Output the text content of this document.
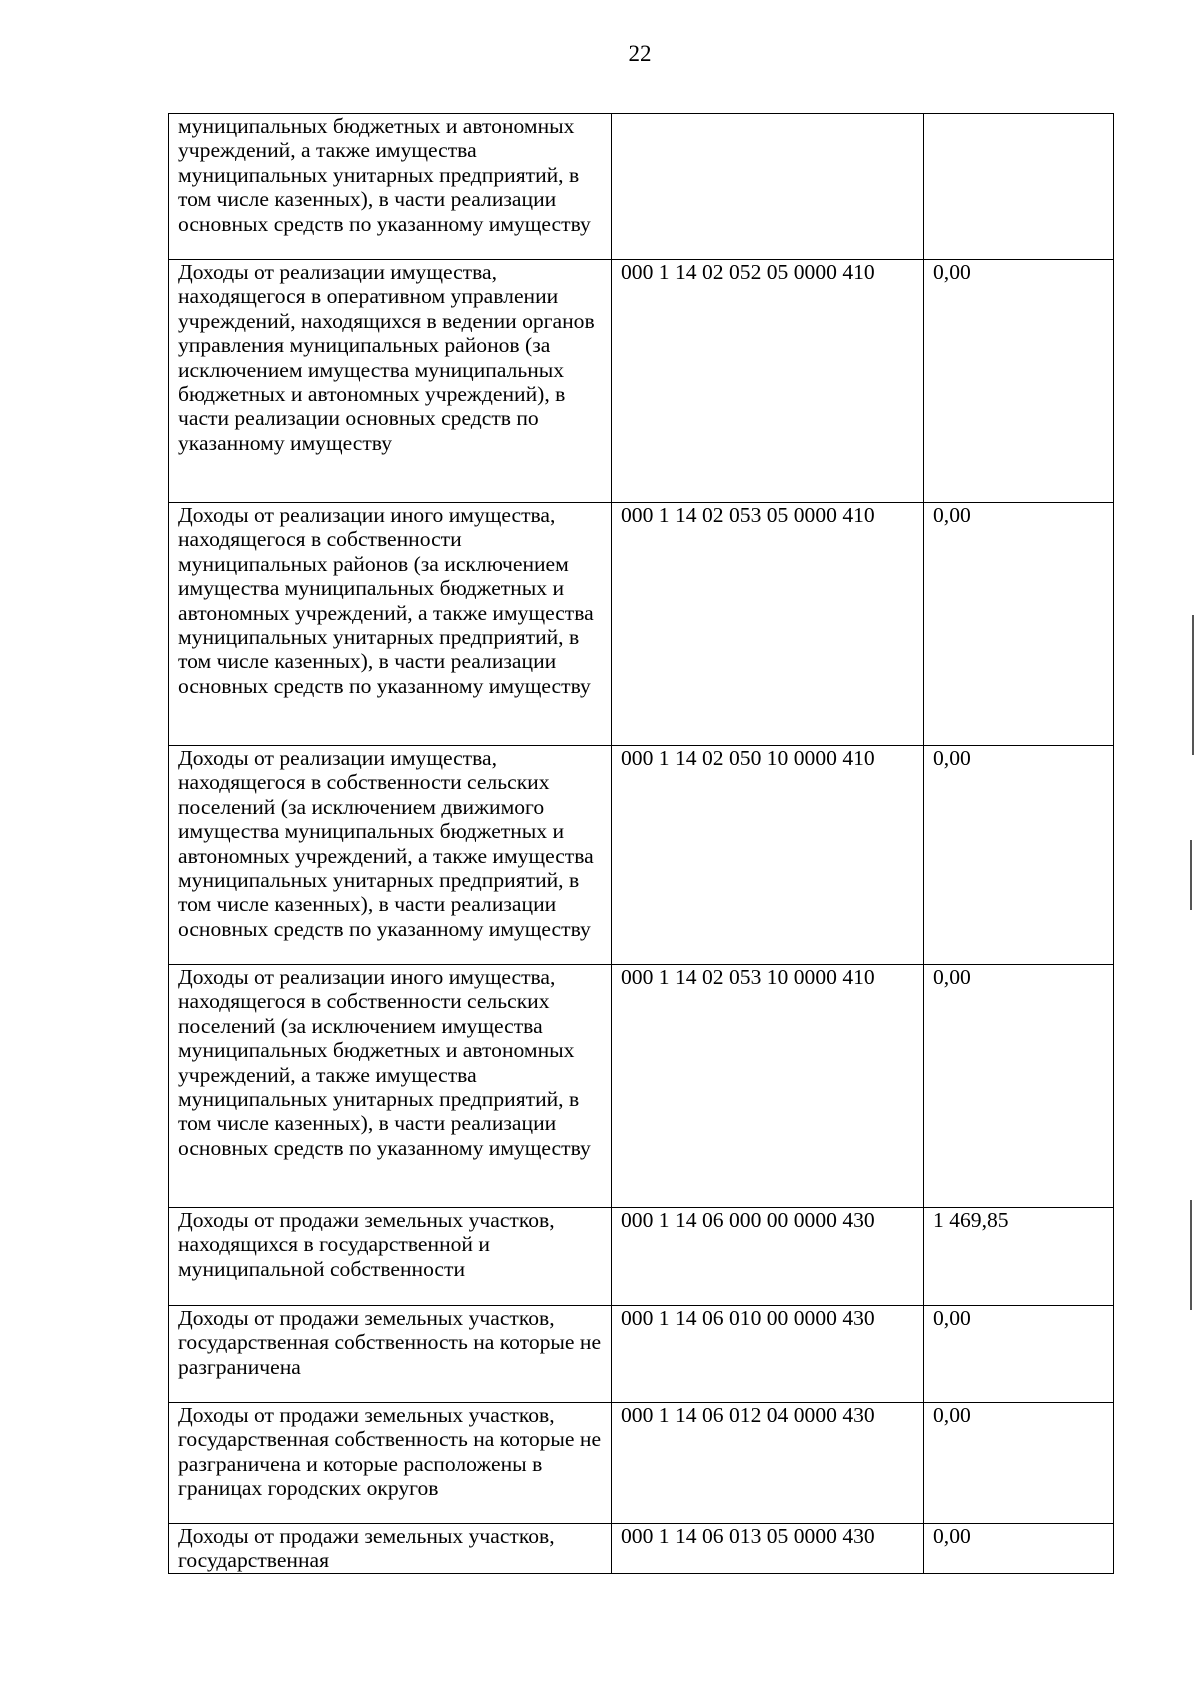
22
муниципальных бюджетных и автономных учреждений, а также имущества муниципальных унитарных предприятий, в том числе казенных), в части реализации основных средств по указанному имуществу		
Доходы от реализации имущества, находящегося в оперативном управлении учреждений, находящихся в ведении органов управления муниципальных районов (за исключением имущества муниципальных бюджетных и автономных учреждений), в части реализации основных средств по указанному имуществу	000 1 14 02 052 05 0000 410	0,00
Доходы от реализации иного имущества, находящегося в собственности муниципальных районов (за исключением имущества муниципальных бюджетных и автономных учреждений, а также имущества муниципальных унитарных предприятий, в том числе казенных), в части реализации основных средств по указанному имуществу	000 1 14 02 053 05 0000 410	0,00
Доходы от реализации имущества, находящегося в собственности сельских поселений (за исключением движимого имущества муниципальных бюджетных и автономных учреждений, а также имущества муниципальных унитарных предприятий, в том числе казенных), в части реализации основных средств по указанному имуществу	000 1 14 02 050 10 0000 410	0,00
Доходы от реализации иного имущества, находящегося в собственности сельских поселений (за исключением имущества муниципальных бюджетных и автономных учреждений, а также имущества муниципальных унитарных предприятий, в том числе казенных), в части реализации основных средств по указанному имуществу	000 1 14 02 053 10 0000 410	0,00
Доходы от продажи земельных участков, находящихся в государственной и муниципальной собственности	000 1 14 06 000 00 0000 430	1 469,85
Доходы от продажи земельных участков, государственная собственность на которые не разграничена	000 1 14 06 010 00 0000 430	0,00
Доходы от продажи земельных участков, государственная собственность на которые не разграничена и которые расположены в границах городских округов	000 1 14 06 012 04 0000 430	0,00
Доходы от продажи земельных участков, государственная	000 1 14 06 013 05 0000 430	0,00
